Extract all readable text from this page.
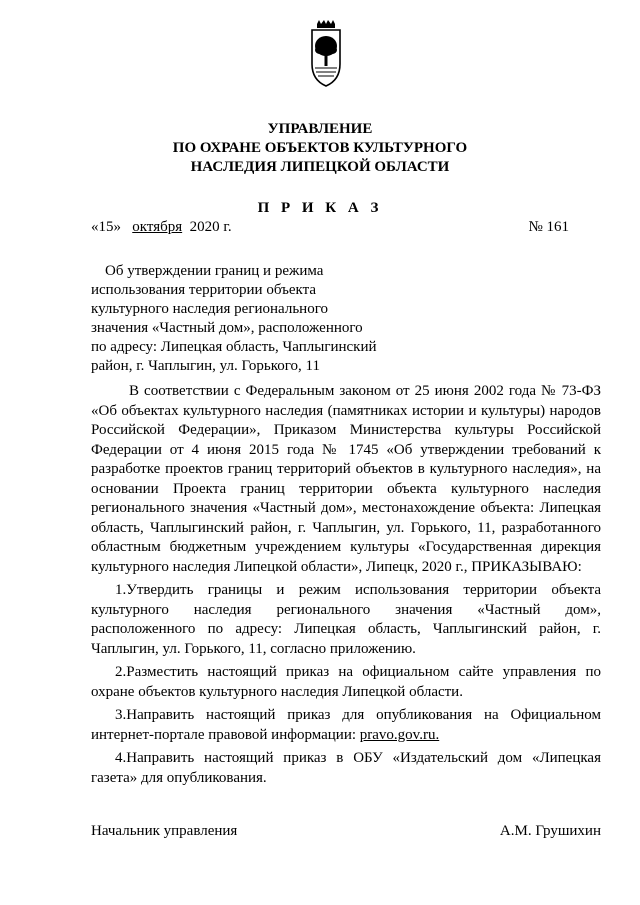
УПРАВЛЕНИЕ
ПО ОХРАНЕ ОБЪЕКТОВ КУЛЬТУРНОГО
НАСЛЕДИЯ ЛИПЕЦКОЙ ОБЛАСТИ
П Р И К А З
«15» октября 2020 г.	№ 161
Об утверждении границ и режима
использования территории объекта
культурного наследия регионального
значения «Частный дом», расположенного
по адресу: Липецкая область, Чаплыгинский
район, г. Чаплыгин, ул. Горького, 11

В соответствии с Федеральным законом от 25 июня 2002 года № 73-ФЗ «Об объектах культурного наследия (памятниках истории и культуры) народов Российской Федерации», Приказом Министерства культуры Российской Федерации от 4 июня 2015 года № 1745 «Об утверждении требований к разработке проектов границ территорий объектов в культурного наследия», на основании Проекта границ территории объекта культурного наследия регионального значения «Частный дом», местонахождение объекта: Липецкая область, Чаплыгинский район, г. Чаплыгин, ул. Горького, 11, разработанного областным бюджетным учреждением культуры «Государственная дирекция культурного наследия Липецкой области», Липецк, 2020 г., ПРИКАЗЫВАЮ:

1.Утвердить границы и режим использования территории объекта культурного наследия регионального значения «Частный дом», расположенного по адресу: Липецкая область, Чаплыгинский район, г. Чаплыгин, ул. Горького, 11, согласно приложению.

2.Разместить настоящий приказ на официальном сайте управления по охране объектов культурного наследия Липецкой области.

3.Направить настоящий приказ для опубликования на Официальном интернет-портале правовой информации: pravo.gov.ru.

4.Направить настоящий приказ в ОБУ «Издательский дом «Липецкая газета» для опубликования.

Начальник управления	А.М. Грушихин
